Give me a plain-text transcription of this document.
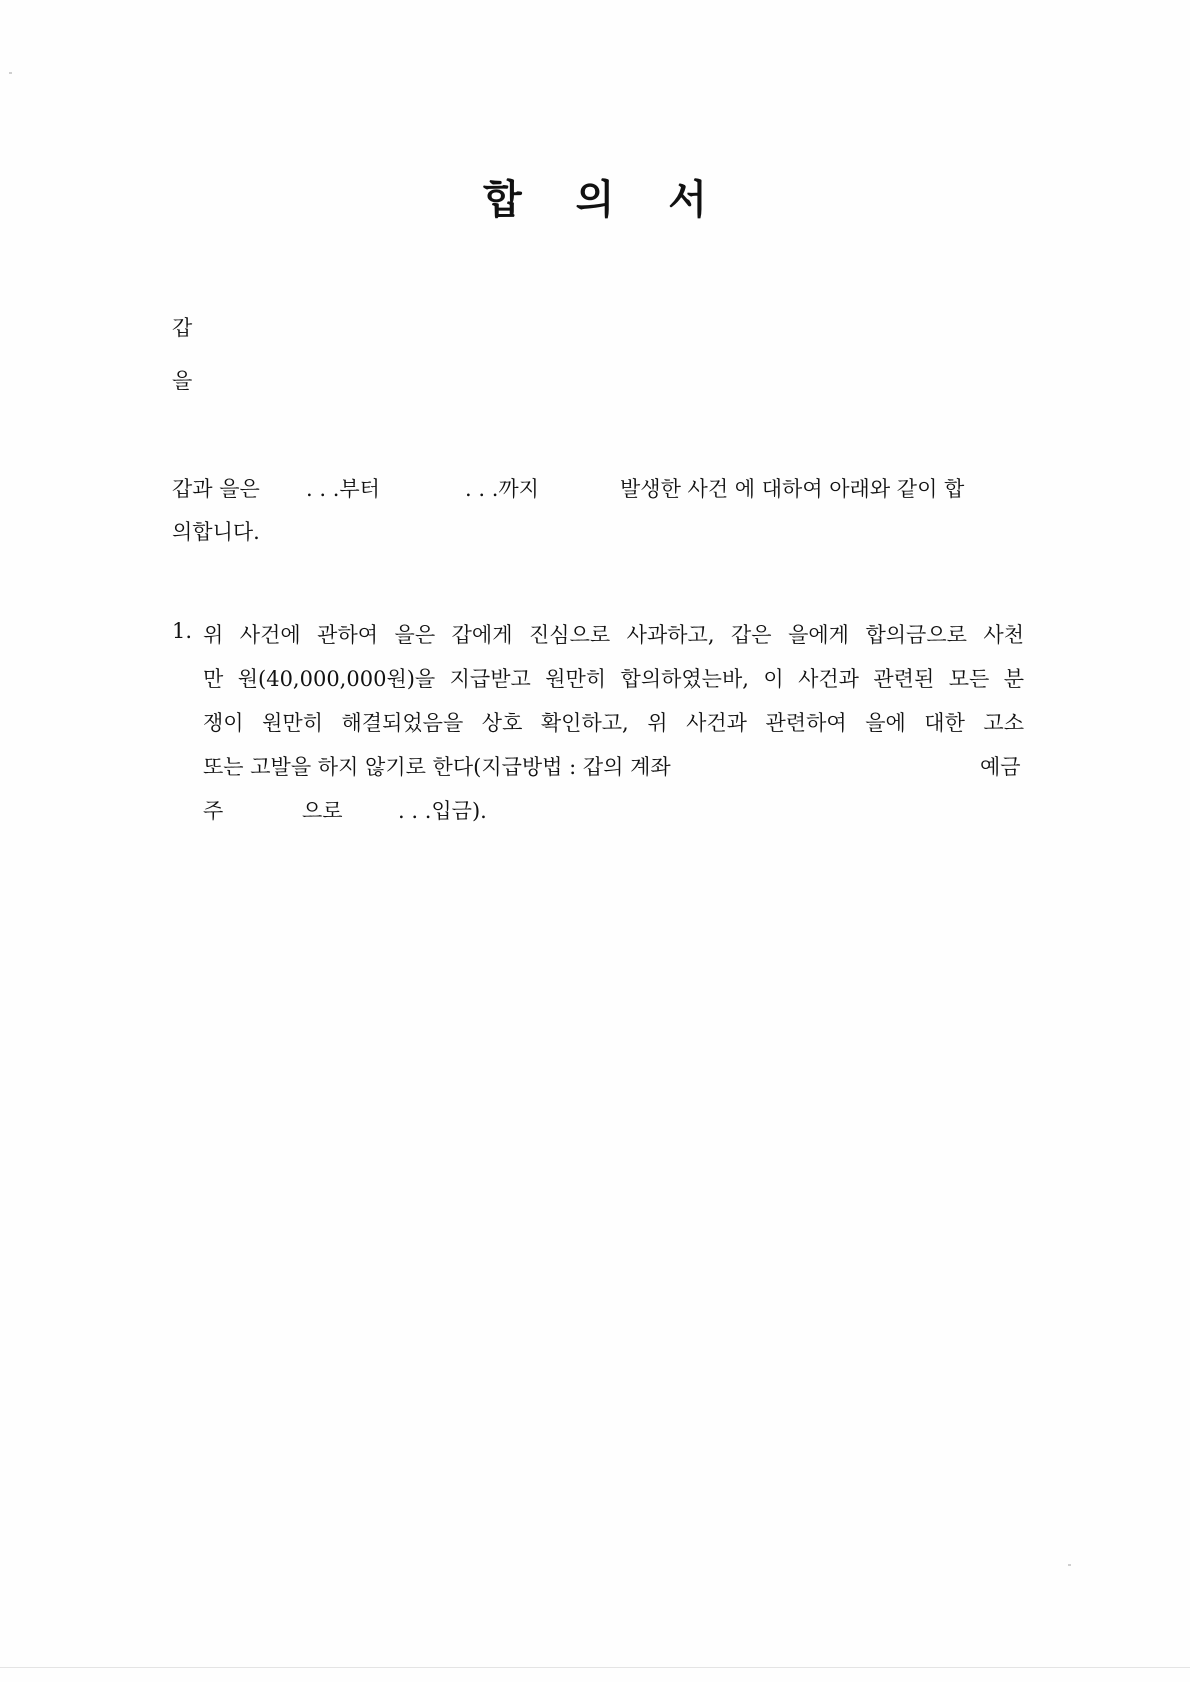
합 의 서
갑
을
갑과 을은 . . .부터	. . .까지	발생한 사건 에 대하여 아래와 같이 합
의합니다.
1. 위 사건에 관하여 을은 갑에게 진심으로 사과하고, 갑은 을에게 합의금으로 사천
만 원(40,000,000원)을 지급받고 원만히 합의하였는바, 이 사건과 관련된 모든 분
쟁이 원만히 해결되었음을 상호 확인하고, 위 사건과 관련하여 을에 대한 고소
또는 고발을 하지 않기로 한다(지급방법 : 갑의 계좌	예금
주	으로	. . .입금).
